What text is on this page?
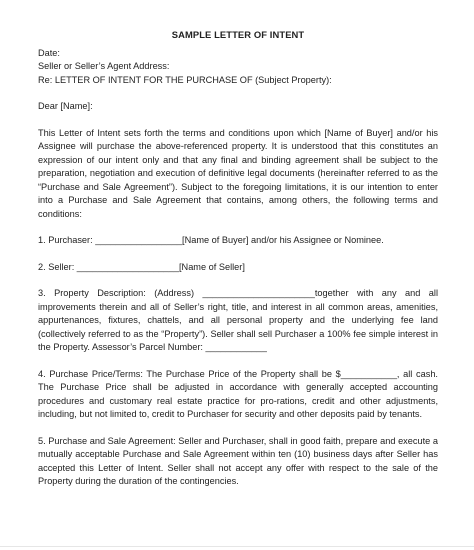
SAMPLE LETTER OF INTENT

Date:

Seller or Seller’s Agent Address:

Re: LETTER OF INTENT FOR THE PURCHASE OF (Subject Property):

Dear [Name]:

This Letter of Intent sets forth the terms and conditions upon which [Name of Buyer] and/or his Assignee will purchase the above-referenced property. It is understood that this constitutes an expression of our intent only and that any final and binding agreement shall be subject to the preparation, negotiation and execution of definitive legal documents (hereinafter referred to as the “Purchase and Sale Agreement”). Subject to the foregoing limitations, it is our intention to enter into a Purchase and Sale Agreement that contains, among others, the following terms and conditions:

1. Purchaser: _________________[Name of Buyer] and/or his Assignee or Nominee.

2. Seller: ____________________[Name of Seller]

3. Property Description: (Address) ______________________together with any and all improvements therein and all of Seller’s right, title, and interest in all common areas, amenities, appurtenances, fixtures, chattels, and all personal property and the underlying fee land (collectively referred to as the “Property”). Seller shall sell Purchaser a 100% fee simple interest in the Property. Assessor’s Parcel Number: ____________

4. Purchase Price/Terms: The Purchase Price of the Property shall be $___________, all cash. The Purchase Price shall be adjusted in accordance with generally accepted accounting procedures and customary real estate practice for pro-rations, credit and other adjustments, including, but not limited to, credit to Purchaser for security and other deposits paid by tenants.

5. Purchase and Sale Agreement: Seller and Purchaser, shall in good faith, prepare and execute a mutually acceptable Purchase and Sale Agreement within ten (10) business days after Seller has accepted this Letter of Intent. Seller shall not accept any offer with respect to the sale of the Property during the duration of the contingencies.
